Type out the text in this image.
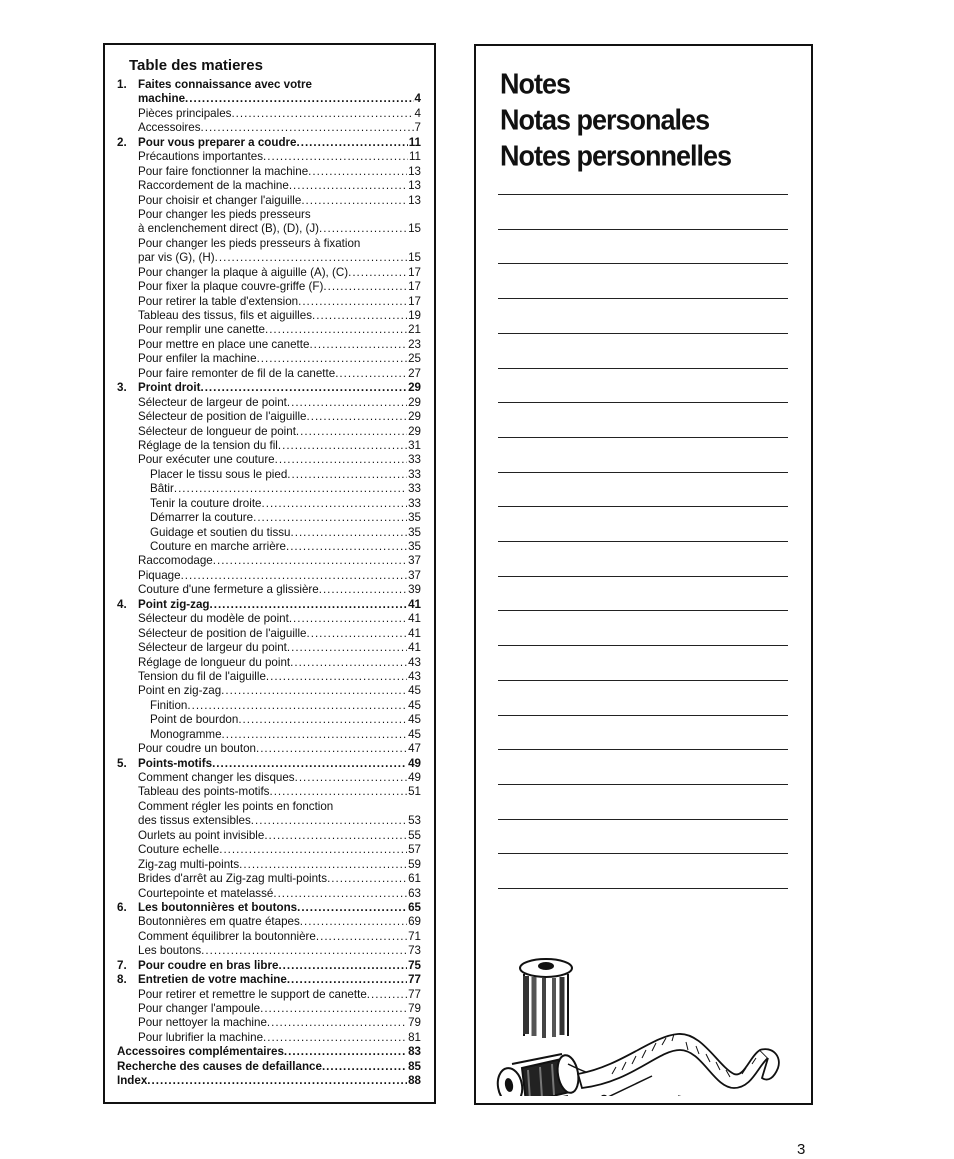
Table des matieres
1. Faites connaissance avec votre
machine .....	4
Pièces principales .....	4
Accessoires .....	7
2. Pour vous preparer a coudre .....	11
Précautions importantes .....	11
Pour faire fonctionner la machine .....	13
Raccordement de la machine .....	13
Pour choisir et changer l'aiguille .....	13
Pour changer les pieds presseurs
à enclenchement direct (B), (D), (J) .....	15
Pour changer les pieds presseurs à fixation
par vis (G), (H) .....	15
Pour changer la plaque à aiguille (A), (C) .....	17
Pour fixer la plaque couvre-griffe (F) .....	17
Pour retirer la table d'extension .....	17
Tableau des tissus, fils et aiguilles .....	19
Pour remplir une canette .....	21
Pour mettre en place une canette .....	23
Pour enfiler la machine .....	25
Pour faire remonter de fil de la canette .....	27
3. Proint droit .....	29
Sélecteur de largeur de point .....	29
Sélecteur de position de l'aiguille .....	29
Sélecteur de longueur de point .....	29
Réglage de la tension du fil .....	31
Pour exécuter une couture .....	33
Placer le tissu sous le pied .....	33
Bâtir .....	33
Tenir la couture droite .....	33
Démarrer la couture .....	35
Guidage et soutien du tissu .....	35
Couture en marche arrière .....	35
Raccomodage .....	37
Piquage .....	37
Couture d'une fermeture a glissière .....	39
4. Point zig-zag .....	41
Sélecteur du modèle de point .....	41
Sélecteur de position de l'aiguille .....	41
Sélecteur de largeur du point .....	41
Réglage de longueur du point .....	43
Tension du fil de l'aiguille .....	43
Point en zig-zag .....	45
Finition .....	45
Point de bourdon .....	45
Monogramme .....	45
Pour coudre un bouton .....	47
5. Points-motifs .....	49
Comment changer les disques .....	49
Tableau des points-motifs .....	51
Comment régler les points en fonction
des tissus extensibles .....	53
Ourlets au point invisible .....	55
Couture echelle .....	57
Zig-zag multi-points .....	59
Brides d'arrêt au Zig-zag multi-points .....	61
Courtepointe et matelassé .....	63
6. Les boutonnières et boutons .....	65
Boutonnières em quatre étapes .....	69
Comment équilibrer la boutonnière .....	71
Les boutons .....	73
7. Pour coudre en bras libre .....	75
8. Entretien de votre machine .....	77
Pour retirer et remettre le support de canette .....	77
Pour changer l'ampoule .....	79
Pour nettoyer la machine .....	79
Pour lubrifier la machine .....	81
Accessoires complémentaires .....	83
Recherche des causes de defaillance .....	85
Index .....	88
Notes
Notas personales
Notes personnelles
3
